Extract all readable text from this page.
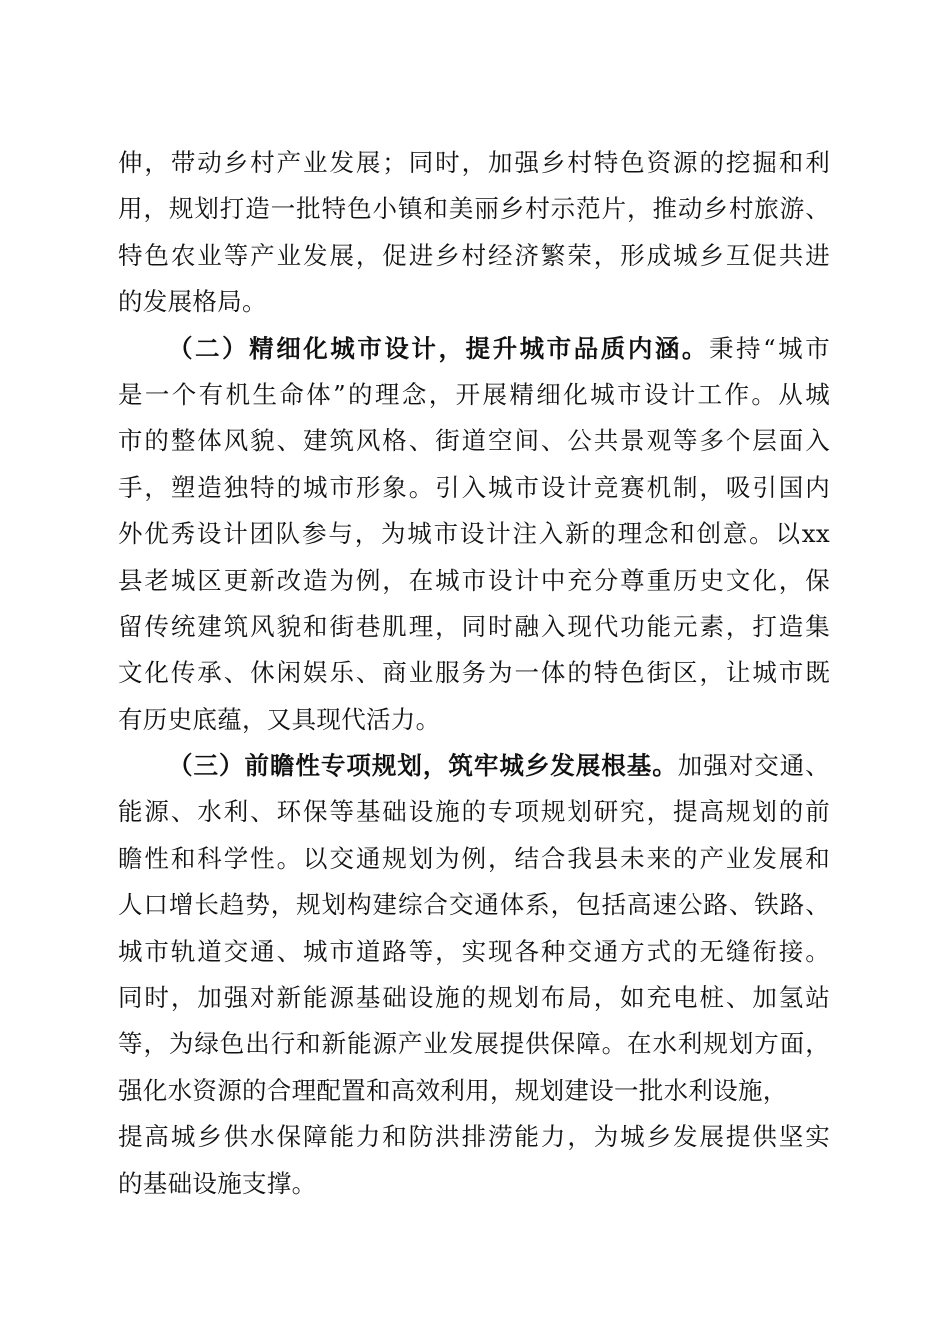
伸，带动乡村产业发展；同时，加强乡村特色资源的挖掘和利
用，规划打造一批特色小镇和美丽乡村示范片，推动乡村旅游、
特色农业等产业发展，促进乡村经济繁荣，形成城乡互促共进
的发展格局。
（二）精细化城市设计，提升城市品质内涵。秉持“城市
是一个有机生命体”的理念，开展精细化城市设计工作。从城
市的整体风貌、建筑风格、街道空间、公共景观等多个层面入
手，塑造独特的城市形象。引入城市设计竞赛机制，吸引国内
外优秀设计团队参与，为城市设计注入新的理念和创意。以xx
县老城区更新改造为例，在城市设计中充分尊重历史文化，保
留传统建筑风貌和街巷肌理，同时融入现代功能元素，打造集
文化传承、休闲娱乐、商业服务为一体的特色街区，让城市既
有历史底蕴，又具现代活力。
（三）前瞻性专项规划，筑牢城乡发展根基。加强对交通、
能源、水利、环保等基础设施的专项规划研究，提高规划的前
瞻性和科学性。以交通规划为例，结合我县未来的产业发展和
人口增长趋势，规划构建综合交通体系，包括高速公路、铁路、
城市轨道交通、城市道路等，实现各种交通方式的无缝衔接。
同时，加强对新能源基础设施的规划布局，如充电桩、加氢站
等，为绿色出行和新能源产业发展提供保障。在水利规划方面，
强化水资源的合理配置和高效利用，规划建设一批水利设施，
提高城乡供水保障能力和防洪排涝能力，为城乡发展提供坚实
的基础设施支撑。
